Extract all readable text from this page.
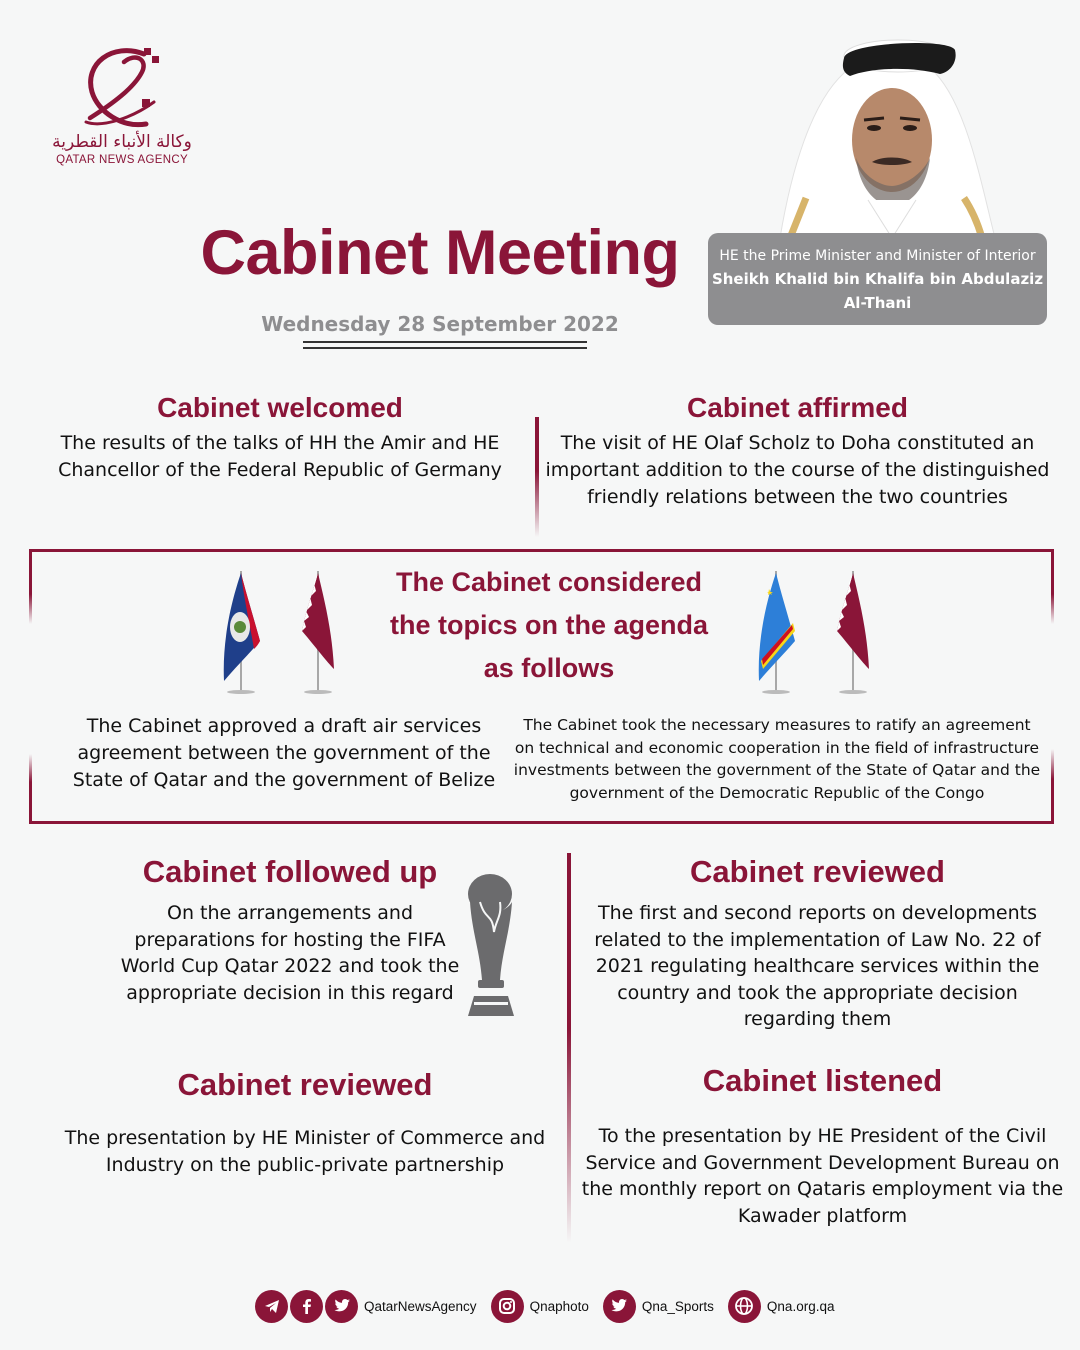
وكالة الأنباء القطرية
QATAR NEWS AGENCY
HE the Prime Minister and Minister of Interior
Sheikh Khalid bin Khalifa bin Abdulaziz
Al-Thani
Cabinet Meeting
Wednesday 28 September 2022
Cabinet welcomed
The results of the talks of HH the Amir and HE
Chancellor of the Federal Republic of Germany
Cabinet affirmed
The visit of HE Olaf Scholz to Doha constituted an
important addition to the course of the distinguished
friendly relations between the two countries
The Cabinet considered
the topics on the agenda
as follows
The Cabinet approved a draft air services
agreement between the government of the
State of Qatar and the government of Belize
The Cabinet took the necessary measures to ratify an agreement
on technical and economic cooperation in the field of infrastructure
investments between the government of the State of Qatar and the
government of the Democratic Republic of the Congo
Cabinet followed up
On the arrangements and
preparations for hosting the FIFA
World Cup Qatar 2022 and took the
appropriate decision in this regard
Cabinet reviewed
The first and second reports on developments
related to the implementation of Law No. 22 of
2021 regulating healthcare services within the
country and took the appropriate decision
regarding them
Cabinet reviewed
The presentation by HE Minister of Commerce and
Industry on the public-private partnership
Cabinet listened
To the presentation by HE President of the Civil
Service and Government Development Bureau on
the monthly report on Qataris employment via the
Kawader platform
QatarNewsAgency	Qnaphoto	Qna_Sports	Qna.org.qa
